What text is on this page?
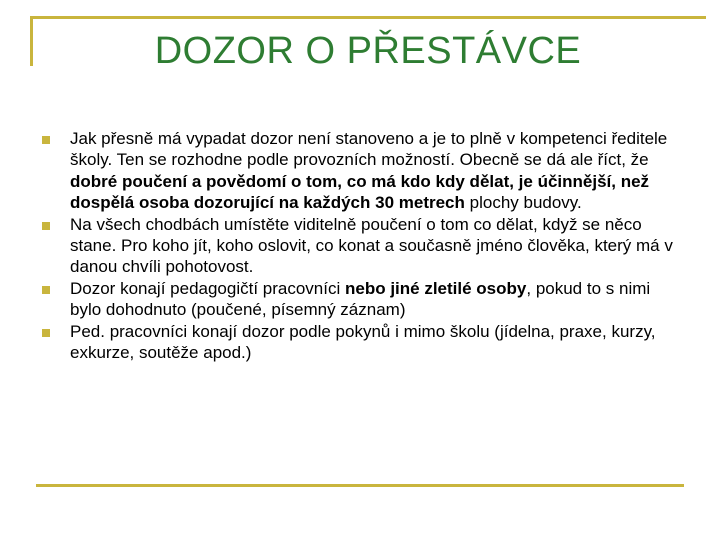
DOZOR O PŘESTÁVCE
Jak přesně má vypadat dozor není stanoveno a je to plně v kompetenci ředitele školy. Ten se rozhodne podle provozních možností. Obecně se dá ale říct, že dobré poučení a povědomí o tom, co má kdo kdy dělat, je účinnější, než dospělá osoba dozorující na každých 30 metrech plochy budovy.
Na všech chodbách umístěte viditelně poučení o tom co dělat, když se něco stane. Pro koho jít, koho oslovit, co konat a současně jméno člověka, který má v danou chvíli pohotovost.
Dozor konají pedagogičtí pracovníci nebo jiné zletilé osoby, pokud to s nimi bylo dohodnuto (poučené, písemný záznam)
Ped. pracovníci konají dozor podle pokynů i mimo školu (jídelna, praxe, kurzy, exkurze, soutěže apod.)
